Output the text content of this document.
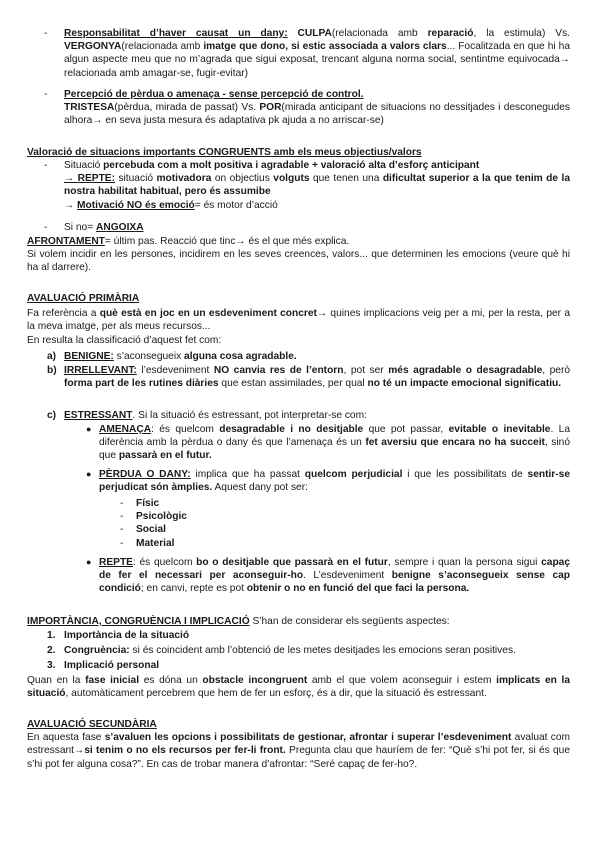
- Responsabilitat d’haver causat un dany: CULPA(relacionada amb reparació, la estimula) Vs. VERGONYA(relacionada amb imatge que dono, si estic associada a valors clars... Focalitzada en que hi ha algun aspecte meu que no m’agrada que sigui exposat, trencant alguna norma social, sentintme equivocada→ relacionada amb amagar-se, fugir-evitar)

- Percepció de pèrdua o amenaça - sense percepció de control.
TRISTESA(pèrdua, mirada de passat) Vs. POR(mirada anticipant de situacions no dessitjades i desconegudes alhora→ en seva justa mesura és adaptativa pk ajuda a no arriscar-se)

Valoració de situacions importants CONGRUENTS amb els meus objectius/valors

- Situació percebuda com a molt positiva i agradable + valoració alta d’esforç anticipant
→ REPTE: situació motivadora on objectius volguts que tenen una dificultat superior a la que tenim de la nostra habilitat habitual, pero és assumibe

→ Motivació NO és emoció= és motor d’acció

- Si no= ANGOIXA

AFRONTAMENT= últim pas. Reacció que tinc→ és el que més explica.

Si volem incidir en les persones, incidirem en les seves creences, valors... que determinen les emocions (veure què hi ha al darrere).

AVALUACIÓ PRIMÀRIA

Fa referència a què està en joc en un esdeveniment concret→ quines implicacions veig per a mi, per la resta, per a la meva imatge, per als meus recursos...

En resulta la classificació d’aquest fet com:

a) BENIGNE: s’aconsegueix alguna cosa agradable.

b) IRRELLEVANT: l’esdeveniment NO canvia res de l’entorn, pot ser més agradable o desagradable, però forma part de les rutines diàries que estan assimilades, per qual no té un impacte emocional significatiu.

c) ESTRESSANT. Si la situació és estressant, pot interpretar-se com:

● AMENAÇA: és quelcom desagradable i no desitjable que pot passar, evitable o inevitable. La diferència amb la pèrdua o dany és que l’amenaça és un fet aversiu que encara no ha succeit, sinó que passarà en el futur.

● PÈRDUA O DANY: implica que ha passat quelcom perjudicial i que les possibilitats de sentir-se perjudicat són àmplies. Aquest dany pot ser:

- Físic
- Psicològic
- Social
- Material
● REPTE: és quelcom bo o desitjable que passarà en el futur, sempre i quan la persona sigui capaç de fer el necessari per aconseguir-ho. L’esdeveniment benigne s’aconsegueix sense cap condició; en canvi, repte es pot obtenir o no en funció del que faci la persona.

IMPORTÀNCIA, CONGRUÈNCIA I IMPLICACIÓ S’han de considerar els següents aspectes:

1. Importància de la situació
2. Congruència: si és coincident amb l’obtenció de les metes desitjades les emocions seran positives.
3. Implicació personal

Quan en la fase inicial es dóna un obstacle incongruent amb el que volem aconseguir i estem implicats en la situació, automàticament percebrem que hem de fer un esforç, és a dir, que la situació és estressant.

AVALUACIÓ SECUNDÀRIA

En aquesta fase s’avaluen les opcions i possibilitats de gestionar, afrontar i superar l’esdeveniment avaluat com estressant→si tenim o no els recursos per fer-li front. Pregunta clau que hauríem de fer: “Què s’hi pot fer, si és que s’hi pot fer alguna cosa?”. En cas de trobar manera d’afrontar: “Seré capaç de fer-ho?.
